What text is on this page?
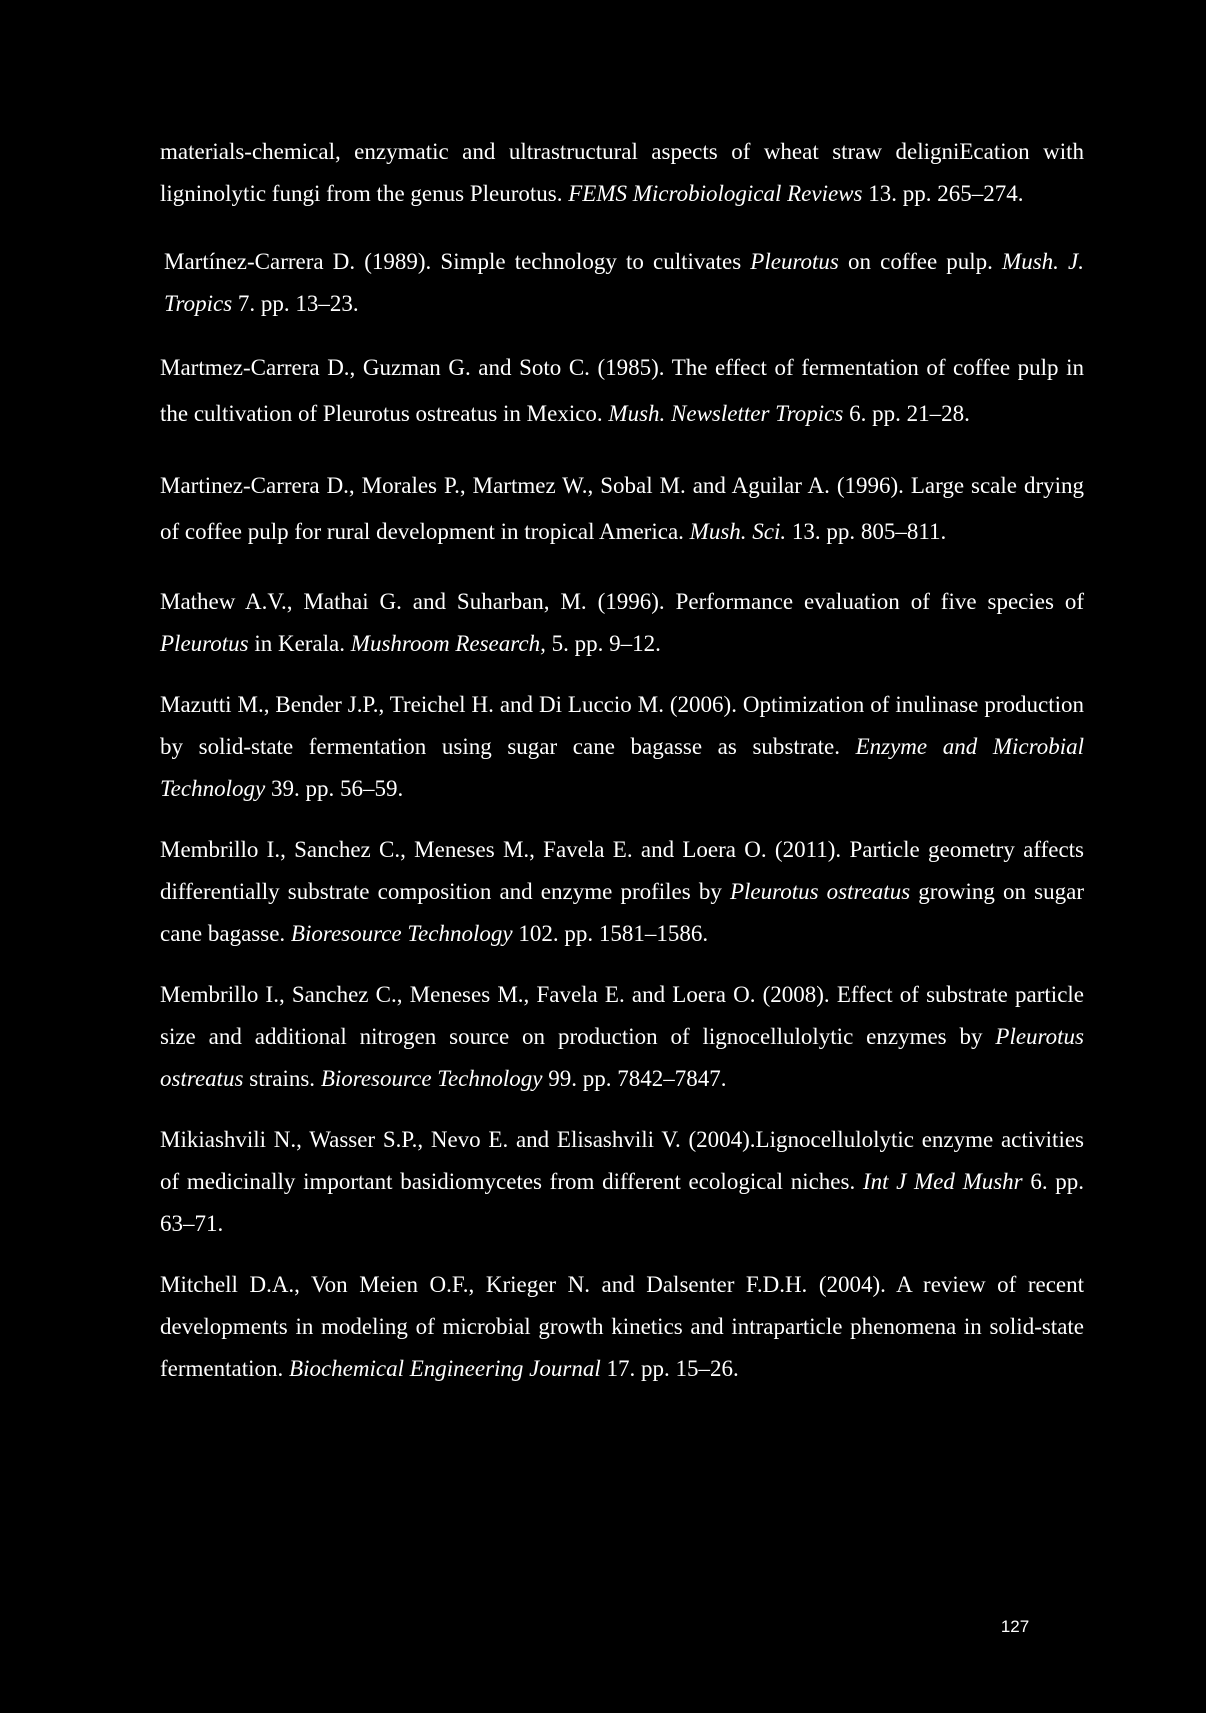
materials-chemical, enzymatic and ultrastructural aspects of wheat straw deligniEcation with ligninolytic fungi from the genus Pleurotus. FEMS Microbiological Reviews 13. pp. 265–274.

Martínez-Carrera D. (1989). Simple technology to cultivates Pleurotus on coffee pulp. Mush. J. Tropics 7. pp. 13–23.

Martmez-Carrera D., Guzman G. and Soto C. (1985). The effect of fermentation of coffee pulp in the cultivation of Pleurotus ostreatus in Mexico. Mush. Newsletter Tropics 6. pp. 21–28.

Martinez-Carrera D., Morales P., Martmez W., Sobal M. and Aguilar A. (1996). Large scale drying of coffee pulp for rural development in tropical America. Mush. Sci. 13. pp. 805–811.

Mathew A.V., Mathai G. and Suharban, M. (1996). Performance evaluation of five species of Pleurotus in Kerala. Mushroom Research, 5. pp. 9–12.

Mazutti M., Bender J.P., Treichel H. and Di Luccio M. (2006). Optimization of inulinase production by solid-state fermentation using sugar cane bagasse as substrate. Enzyme and Microbial Technology 39. pp. 56–59.

Membrillo I., Sanchez C., Meneses M., Favela E. and Loera O. (2011). Particle geometry affects differentially substrate composition and enzyme profiles by Pleurotus ostreatus growing on sugar cane bagasse. Bioresource Technology 102. pp. 1581–1586.

Membrillo I., Sanchez C., Meneses M., Favela E. and Loera O. (2008). Effect of substrate particle size and additional nitrogen source on production of lignocellulolytic enzymes by Pleurotus ostreatus strains. Bioresource Technology 99. pp. 7842–7847.

Mikiashvili N., Wasser S.P., Nevo E. and Elisashvili V. (2004).Lignocellulolytic enzyme activities of medicinally important basidiomycetes from different ecological niches. Int J Med Mushr 6. pp. 63–71.

Mitchell D.A., Von Meien O.F., Krieger N. and Dalsenter F.D.H. (2004). A review of recent developments in modeling of microbial growth kinetics and intraparticle phenomena in solid-state fermentation. Biochemical Engineering Journal 17. pp. 15–26.

127
